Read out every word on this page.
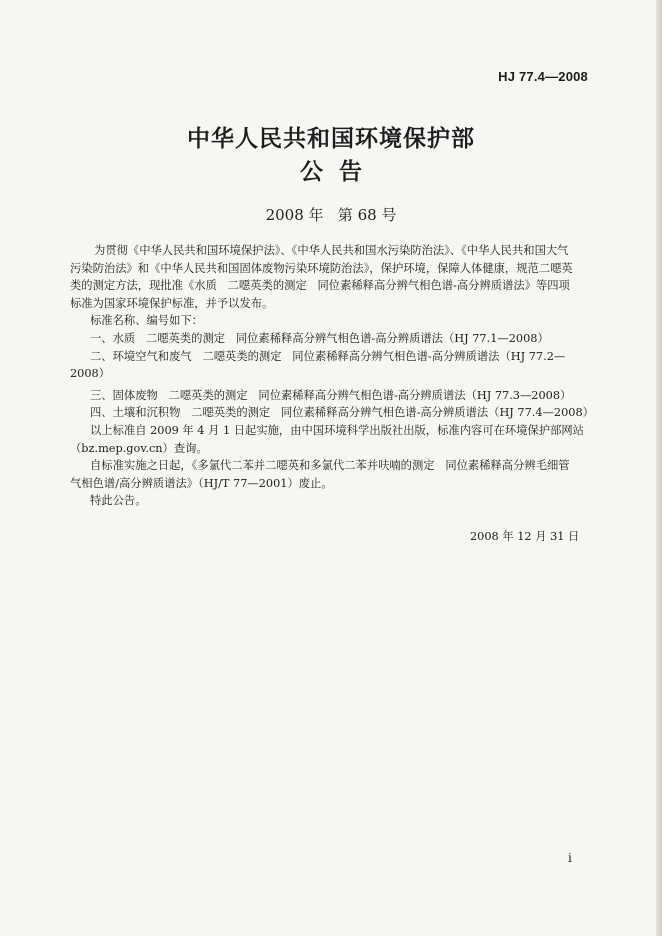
HJ 77.4—2008
中华人民共和国环境保护部
公  告
2008 年   第 68 号

为贯彻《中华人民共和国环境保护法》、《中华人民共和国水污染防治法》、《中华人民共和国大气

污染防治法》和《中华人民共和国固体废物污染环境防治法》，保护环境，保障人体健康，规范二噁英

类的测定方法，现批准《水质   二噁英类的测定   同位素稀释高分辨气相色谱-高分辨质谱法》等四项

标准为国家环境保护标准，并予以发布。

标准名称、编号如下：

一、水质   二噁英类的测定   同位素稀释高分辨气相色谱-高分辨质谱法（HJ 77.1—2008）

二、环境空气和废气   二噁英类的测定   同位素稀释高分辨气相色谱-高分辨质谱法（HJ 77.2—

2008）

三、固体废物   二噁英类的测定   同位素稀释高分辨气相色谱-高分辨质谱法（HJ 77.3—2008）

四、土壤和沉积物   二噁英类的测定   同位素稀释高分辨气相色谱-高分辨质谱法（HJ 77.4—2008）

以上标准自 2009 年 4 月 1 日起实施，由中国环境科学出版社出版，标准内容可在环境保护部网站

（bz.mep.gov.cn）查询。

自标准实施之日起，《多氯代二苯并二噁英和多氯代二苯并呋喃的测定   同位素稀释高分辨毛细管

气相色谱/高分辨质谱法》（HJ/T 77—2001）废止。

特此公告。

2008 年 12 月 31 日
i
